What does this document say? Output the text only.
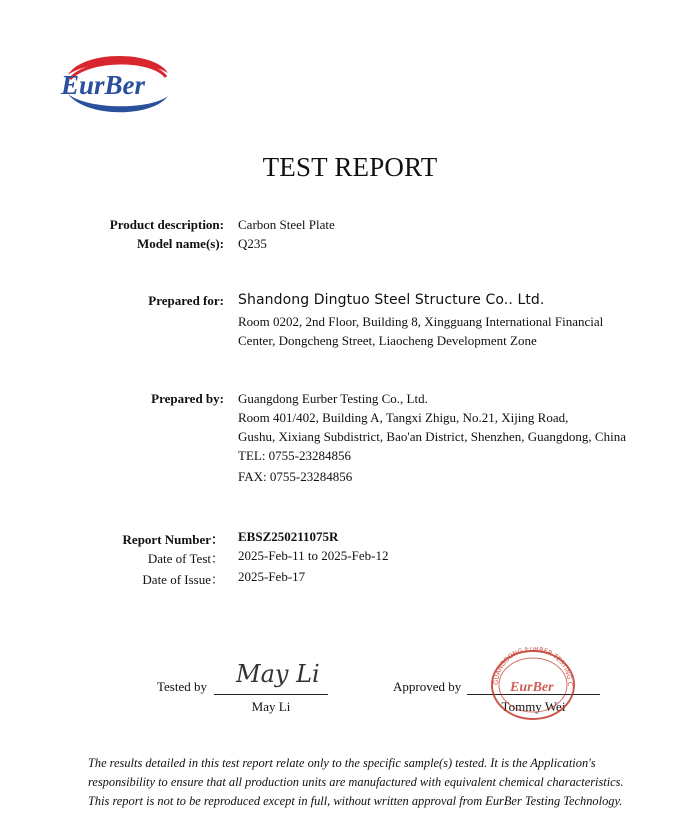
EurBer
TEST REPORT
Product description: Carbon Steel Plate
Model name(s): Q235
Prepared for: Shandong Dingtuo Steel Structure Co.. Ltd.
Room 0202, 2nd Floor, Building 8, Xingguang International Financial
Center, Dongcheng Street, Liaocheng Development Zone
Prepared by: Guangdong Eurber Testing Co., Ltd.
Room 401/402, Building A, Tangxi Zhigu, No.21, Xijing Road,
Gushu, Xixiang Subdistrict, Bao'an District, Shenzhen, Guangdong, China
TEL: 0755-23284856
FAX: 0755-23284856
Report Number： EBSZ250211075R
Date of Test： 2025-Feb-11 to 2025-Feb-12
Date of Issue： 2025-Feb-17
Tested by May Li
May Li
Approved by
Tommy Wei
GUANGDONG EURBER TESTING C
EurBer
The results detailed in this test report relate only to the specific sample(s) tested. It is the Application's responsibility to ensure that all production units are manufactured with equivalent chemical characteristics. This report is not to be reproduced except in full, without written approval from EurBer Testing Technology.
